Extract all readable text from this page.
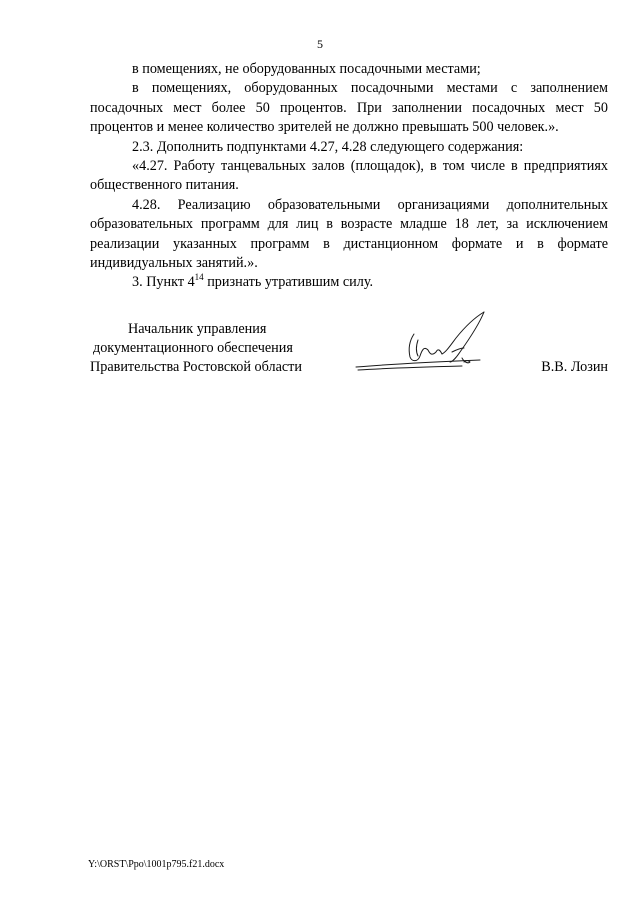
5

в помещениях, не оборудованных посадочными местами;

в помещениях, оборудованных посадочными местами с заполнением посадочных мест более 50 процентов. При заполнении посадочных мест 50 процентов и менее количество зрителей не должно превышать 500 человек.».

2.3. Дополнить подпунктами 4.27, 4.28 следующего содержания:

«4.27. Работу танцевальных залов (площадок), в том числе в предприятиях общественного питания.

4.28. Реализацию образовательными организациями дополнительных образовательных программ для лиц в возрасте младше 18 лет, за исключением реализации указанных программ в дистанционном формате и в формате индивидуальных занятий.».

3. Пункт $4^{14}$ признать утратившим силу.

Начальник управления
документационного обеспечения
Правительства Ростовской области	В.В. Лозин
Y:\ORST\Ppo\1001p795.f21.docx
